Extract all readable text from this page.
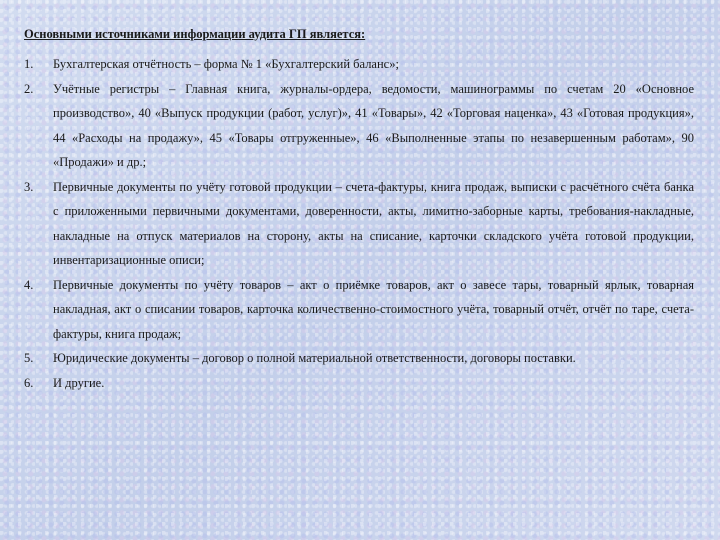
Основными источниками информации аудита ГП является:
1.	Бухгалтерская отчётность – форма № 1 «Бухгалтерский баланс»;
2.	Учётные регистры – Главная книга, журналы-ордера, ведомости, машинограммы по счетам 20 «Основное производство», 40 «Выпуск продукции (работ, услуг)», 41 «Товары», 42 «Торговая наценка», 43 «Готовая продукция», 44 «Расходы на продажу», 45 «Товары отгруженные», 46 «Выполненные этапы по незавершенным работам», 90 «Продажи» и др.;
3.	Первичные документы по учёту готовой продукции – счета-фактуры, книга продаж, выписки с расчётного счёта банка с приложенными первичными документами, доверенности, акты, лимитно-заборные карты, требования-накладные, накладные на отпуск материалов на сторону, акты на списание, карточки складского учёта готовой продукции, инвентаризационные описи;
4.	Первичные документы по учёту товаров – акт о приёмке товаров, акт о завесе тары, товарный ярлык, товарная накладная, акт о списании товаров, карточка количественно-стоимостного учёта, товарный отчёт, отчёт по таре, счета-фактуры, книга продаж;
5.	Юридические документы – договор о полной материальной ответственности, договоры поставки.
6.	И другие.
